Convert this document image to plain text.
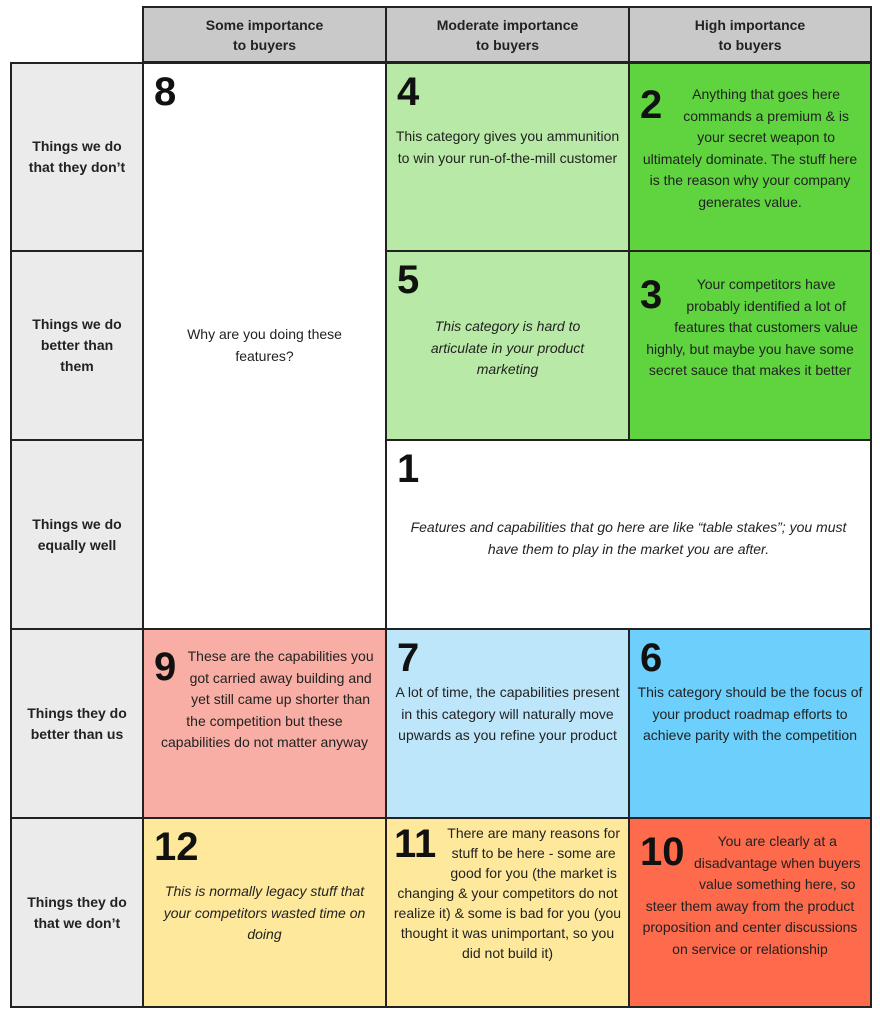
Some importance
to buyers
Moderate importance
to buyers
High importance
to buyers
Things we do
that they don’t
Things we do
better than
them
Things we do
equally well
Things they do
better than us
Things they do
that we don’t
8
Why are you doing these features?
4
This category gives you ammunition to win your run-of-the-mill customer
2 Anything that goes here commands a premium & is your secret weapon to ultimately dominate. The stuff here is the reason why your company generates value.
5
This category is hard to articulate in your product marketing
3 Your competitors have probably identified a lot of features that customers value highly, but maybe you have some secret sauce that makes it better
1
Features and capabilities that go here are like “table stakes”; you must have them to play in the market you are after.
9 These are the capabilities you got carried away building and yet still came up shorter than the competition but these capabilities do not matter anyway
7
A lot of time, the capabilities present in this category will naturally move upwards as you refine your product
6
This category should be the focus of your product roadmap efforts to achieve parity with the competition
12
This is normally legacy stuff that your competitors wasted time on doing
11 There are many reasons for stuff to be here - some are good for you (the market is changing & your competitors do not realize it) & some is bad for you (you thought it was unimportant, so you did not build it)
10 You are clearly at a disadvantage when buyers value something here, so steer them away from the product proposition and center discussions on service or relationship
